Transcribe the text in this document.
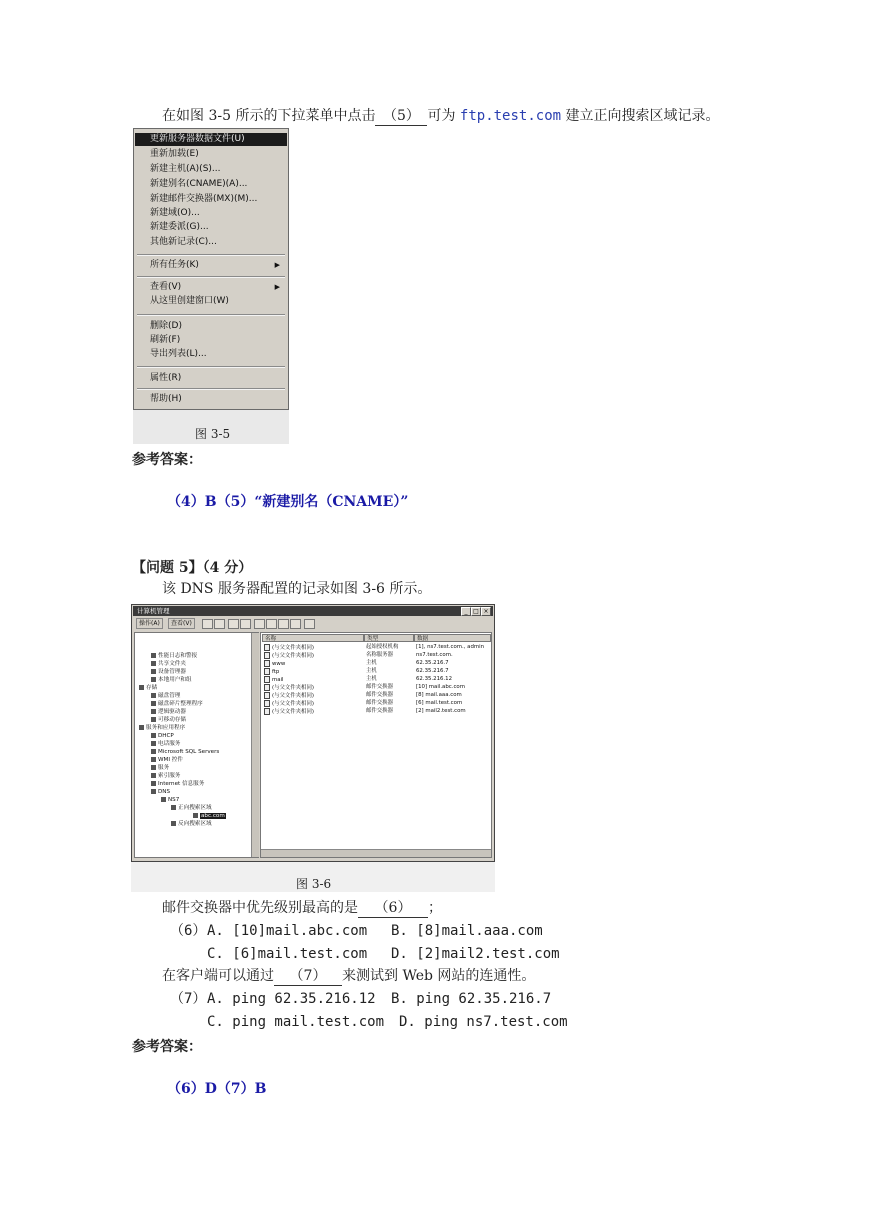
在如图 3-5 所示的下拉菜单中点击 （5） 可为 ftp.test.com 建立正向搜索区域记录。
更新服务器数据文件(U)
重新加载(E)
新建主机(A)(S)...
新建别名(CNAME)(A)...
新建邮件交换器(MX)(M)...
新建域(O)...
新建委派(G)...
其他新记录(C)...
所有任务(K)	▶
查看(V)	▶
从这里创建窗口(W)
删除(D)
刷新(F)
导出列表(L)...
属性(R)
帮助(H)
图 3-5
参考答案：
（4）B（5）“新建别名（CNAME）”
【问题 5】（4 分）
该 DNS 服务器配置的记录如图 3-6 所示。
计算机管理	_ □ ×
操作(A)	查看(V)
性能日志和警报
共享文件夹
设备管理器
本地用户和组
存储
磁盘管理
磁盘碎片整理程序
逻辑驱动器
可移动存储
服务和应用程序
DHCP
电话服务
Microsoft SQL Servers
WMI 控件
服务
索引服务
Internet 信息服务
DNS
NS7
正向搜索区域
abc.com
反向搜索区域
名称	类型	数据
(与父文件夹相同)	起始授权机构	[1], ns7.test.com., admin
(与父文件夹相同)	名称服务器	ns7.test.com.
www	主机	62.35.216.7
ftp	主机	62.35.216.7
mail	主机	62.35.216.12
(与父文件夹相同)	邮件交换器	[10] mail.abc.com
(与父文件夹相同)	邮件交换器	[8] mail.aaa.com
(与父文件夹相同)	邮件交换器	[6] mail.test.com
(与父文件夹相同)	邮件交换器	[2] mail2.test.com
图 3-6
邮件交换器中优先级别最高的是 （6） ；
（6） A. [10]mail.abc.com B. [8]mail.aaa.com
C. [6]mail.test.com D. [2]mail2.test.com
在客户端可以通过 （7） 来测试到 Web 网站的连通性。
（7） A. ping 62.35.216.12 B. ping 62.35.216.7
C. ping mail.test.com D. ping ns7.test.com
参考答案：
（6）D（7）B
